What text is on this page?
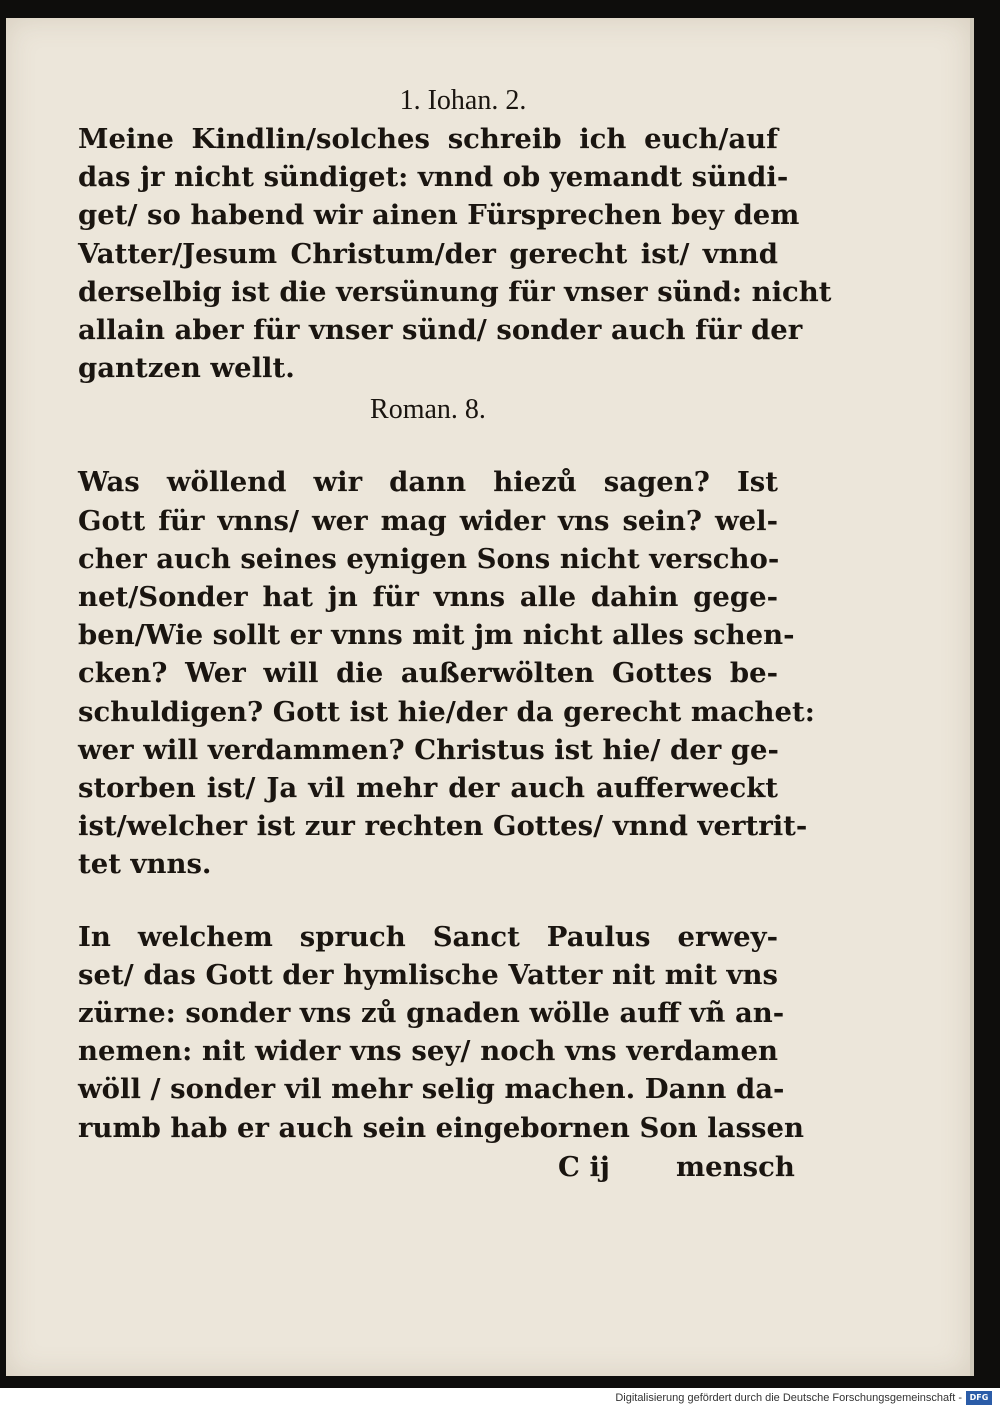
1. Iohan. 2.
Meine Kindlin/solches schreib ich euch/auf
das jr nicht sündiget: vnnd ob yemandt sündi-
get/ so habend wir ainen Fürsprechen bey dem
Vatter/Jesum Christum/der gerecht ist/ vnnd
derselbig ist die versünung für vnser sünd: nicht
allain aber für vnser sünd/ sonder auch für der
gantzen wellt.
Roman. 8.
Was wöllend wir dann hiezů sagen? Ist
Gott für vnns/ wer mag wider vns sein? wel-
cher auch seines eynigen Sons nicht verscho-
net/Sonder hat jn für vnns alle dahin gege-
ben/Wie sollt er vnns mit jm nicht alles schen-
cken? Wer will die außerwölten Gottes be-
schuldigen? Gott ist hie/der da gerecht machet:
wer will verdammen? Christus ist hie/ der ge-
storben ist/ Ja vil mehr der auch aufferweckt
ist/welcher ist zur rechten Gottes/ vnnd vertrit-
tet vnns.
In welchem spruch Sanct Paulus erwey-
set/ das Gott der hymlische Vatter nit mit vns
zürne: sonder vns zů gnaden wölle auff vñ an-
nemen: nit wider vns sey/ noch vns verdamen
wöll / sonder vil mehr selig machen. Dann da-
rumb hab er auch sein eingebornen Son lassen
C ij	mensch
Digitalisierung gefördert durch die Deutsche Forschungsgemeinschaft - DFG
